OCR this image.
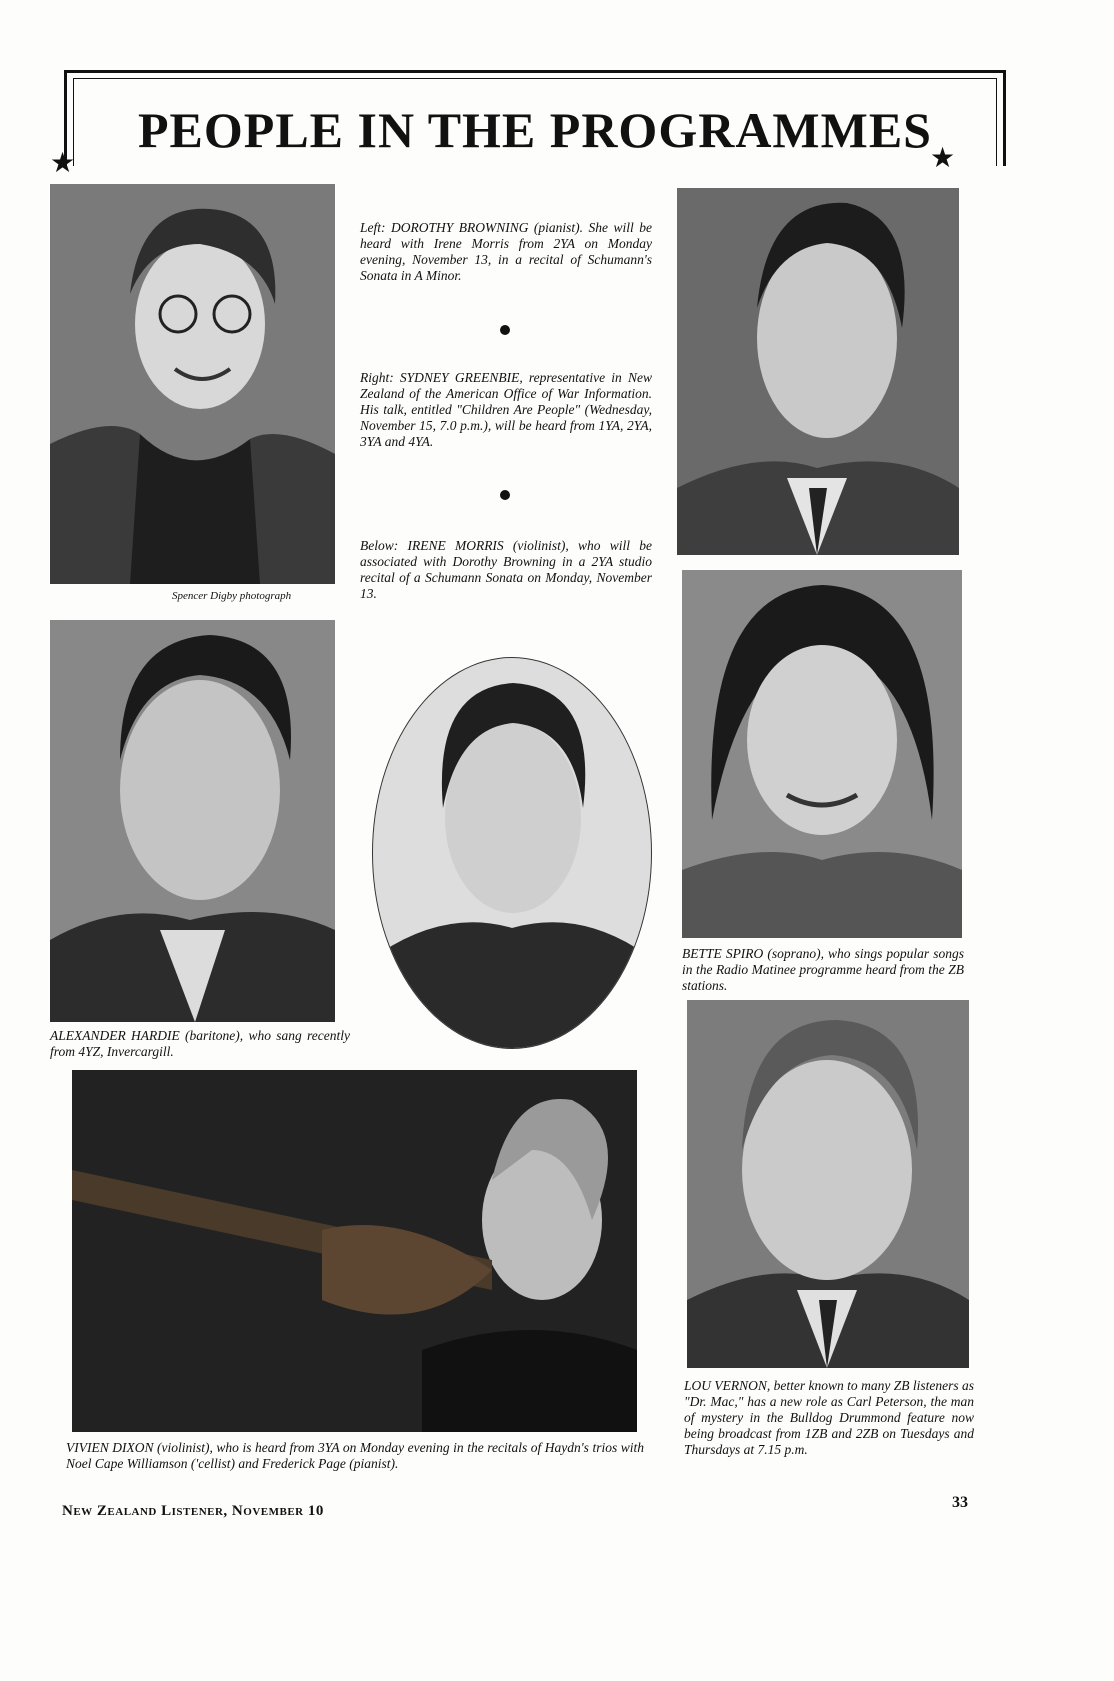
PEOPLE IN THE PROGRAMMES
★	★
Spencer Digby photograph
Left: DOROTHY BROWNING (pianist). She will be heard with Irene Morris from 2YA on Monday evening, November 13, in a recital of Schumann's Sonata in A Minor.
Right: SYDNEY GREENBIE, representative in New Zealand of the American Office of War Information. His talk, entitled "Children Are People" (Wednesday, November 15, 7.0 p.m.), will be heard from 1YA, 2YA, 3YA and 4YA.
Below: IRENE MORRIS (violinist), who will be associated with Dorothy Browning in a 2YA studio recital of a Schumann Sonata on Monday, November 13.
ALEXANDER HARDIE (baritone), who sang recently from 4YZ, Invercargill.
BETTE SPIRO (soprano), who sings popular songs in the Radio Matinee programme heard from the ZB stations.
VIVIEN DIXON (violinist), who is heard from 3YA on Monday evening in the recitals of Haydn's trios with Noel Cape Williamson ('cellist) and Frederick Page (pianist).
LOU VERNON, better known to many ZB listeners as "Dr. Mac," has a new role as Carl Peterson, the man of mystery in the Bulldog Drummond feature now being broadcast from 1ZB and 2ZB on Tuesdays and Thursdays at 7.15 p.m.
New Zealand Listener, November 10	33
